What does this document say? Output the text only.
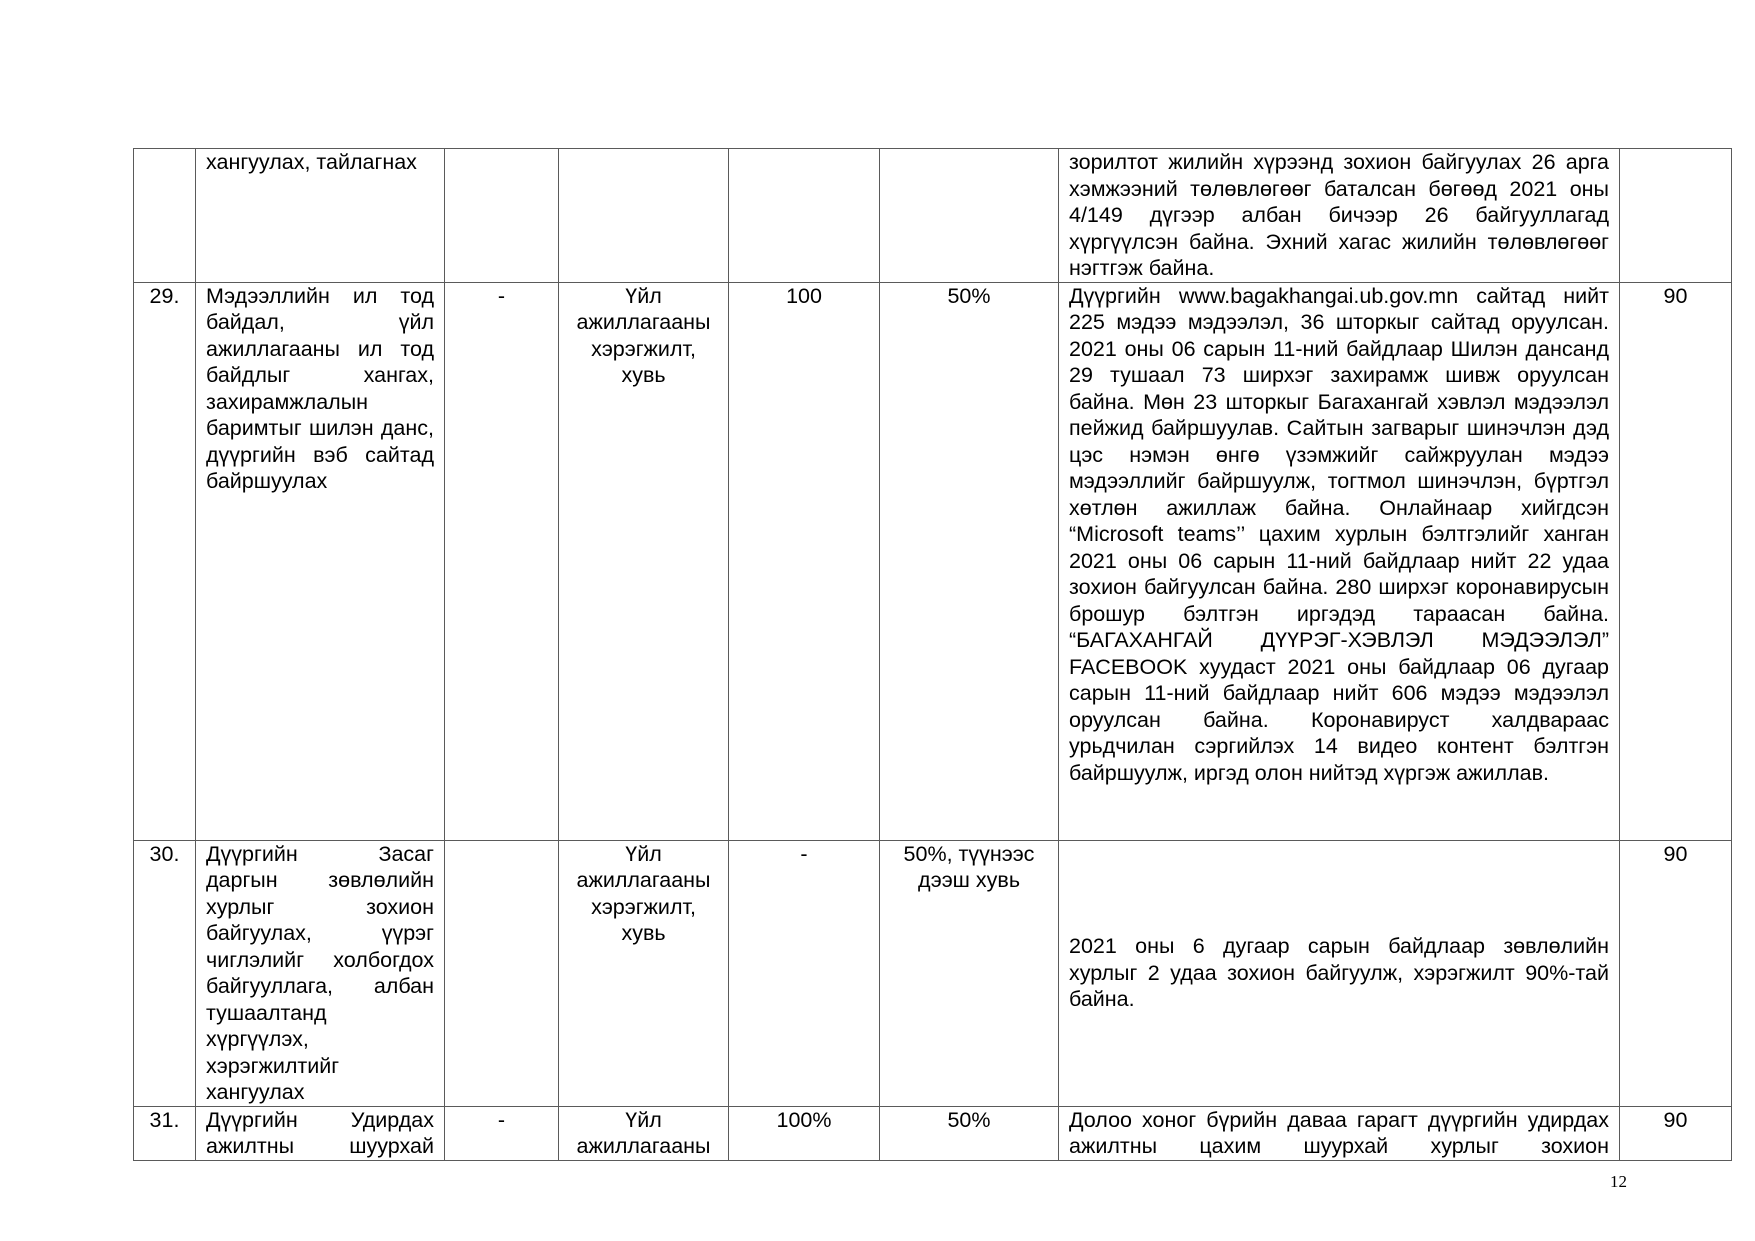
	хангуулах, тайлагнах					зорилтот жилийн хүрээнд зохион байгуулах 26 арга хэмжээний төлөвлөгөөг баталсан бөгөөд 2021 оны 4/149 дүгээр албан бичээр 26 байгууллагад хүргүүлсэн байна. Эхний хагас жилийн төлөвлөгөөг нэгтгэж байна.	
29.	Мэдээллийн ил тод байдал, үйл ажиллагааны ил тод байдлыг хангах, захирамжлалын баримтыг шилэн данс, дүүргийн вэб сайтад байршуулах	-	Үйл ажиллагааны хэрэгжилт, хувь	100	50%	Дүүргийн www.bagakhangai.ub.gov.mn сайтад нийт 225 мэдээ мэдээлэл, 36 шторкыг сайтад оруулсан. 2021 оны 06 сарын 11-ний байдлаар Шилэн дансанд 29 тушаал 73 ширхэг захирамж шивж оруулсан байна. Мөн 23 шторкыг Багахангай хэвлэл мэдээлэл пейжид байршуулав. Сайтын загварыг шинэчлэн дэд цэс нэмэн өнгө үзэмжийг сайжруулан мэдээ мэдээллийг байршуулж, тогтмол шинэчлэн, бүртгэл хөтлөн ажиллаж байна. Онлайнаар хийгдсэн “Microsoft teams’’ цахим хурлын бэлтгэлийг ханган 2021 оны 06 сарын 11-ний байдлаар нийт 22 удаа зохион байгуулсан байна. 280 ширхэг коронавирусын брошур бэлтгэн иргэдэд тараасан байна. “БАГАХАНГАЙ ДҮҮРЭГ-ХЭВЛЭЛ МЭДЭЭЛЭЛ” FACEBOOK хуудаст 2021 оны байдлаар 06 дугаар сарын 11-ний байдлаар нийт 606 мэдээ мэдээлэл оруулсан байна. Коронавируст халдвараас урьдчилан сэргийлэх 14 видео контент бэлтгэн байршуулж, иргэд олон нийтэд хүргэж ажиллав.	90
30.	Дүүргийн Засаг даргын зөвлөлийн хурлыг зохион байгуулах, үүрэг чиглэлийг холбогдох байгууллага, албан тушаалтанд хүргүүлэх, хэрэгжилтийг хангуулах		Үйл ажиллагааны хэрэгжилт, хувь	-	50%, түүнээс дээш хувь	2021 оны 6 дугаар сарын байдлаар зөвлөлийн хурлыг 2 удаа зохион байгуулж, хэрэгжилт 90%-тай байна.	90
31.	Дүүргийн Удирдах ажилтны шуурхай	-	Үйл ажиллагааны	100%	50%	Долоо хоног бүрийн даваа гарагт дүүргийн удирдах ажилтны цахим шуурхай хурлыг зохион	90
12
